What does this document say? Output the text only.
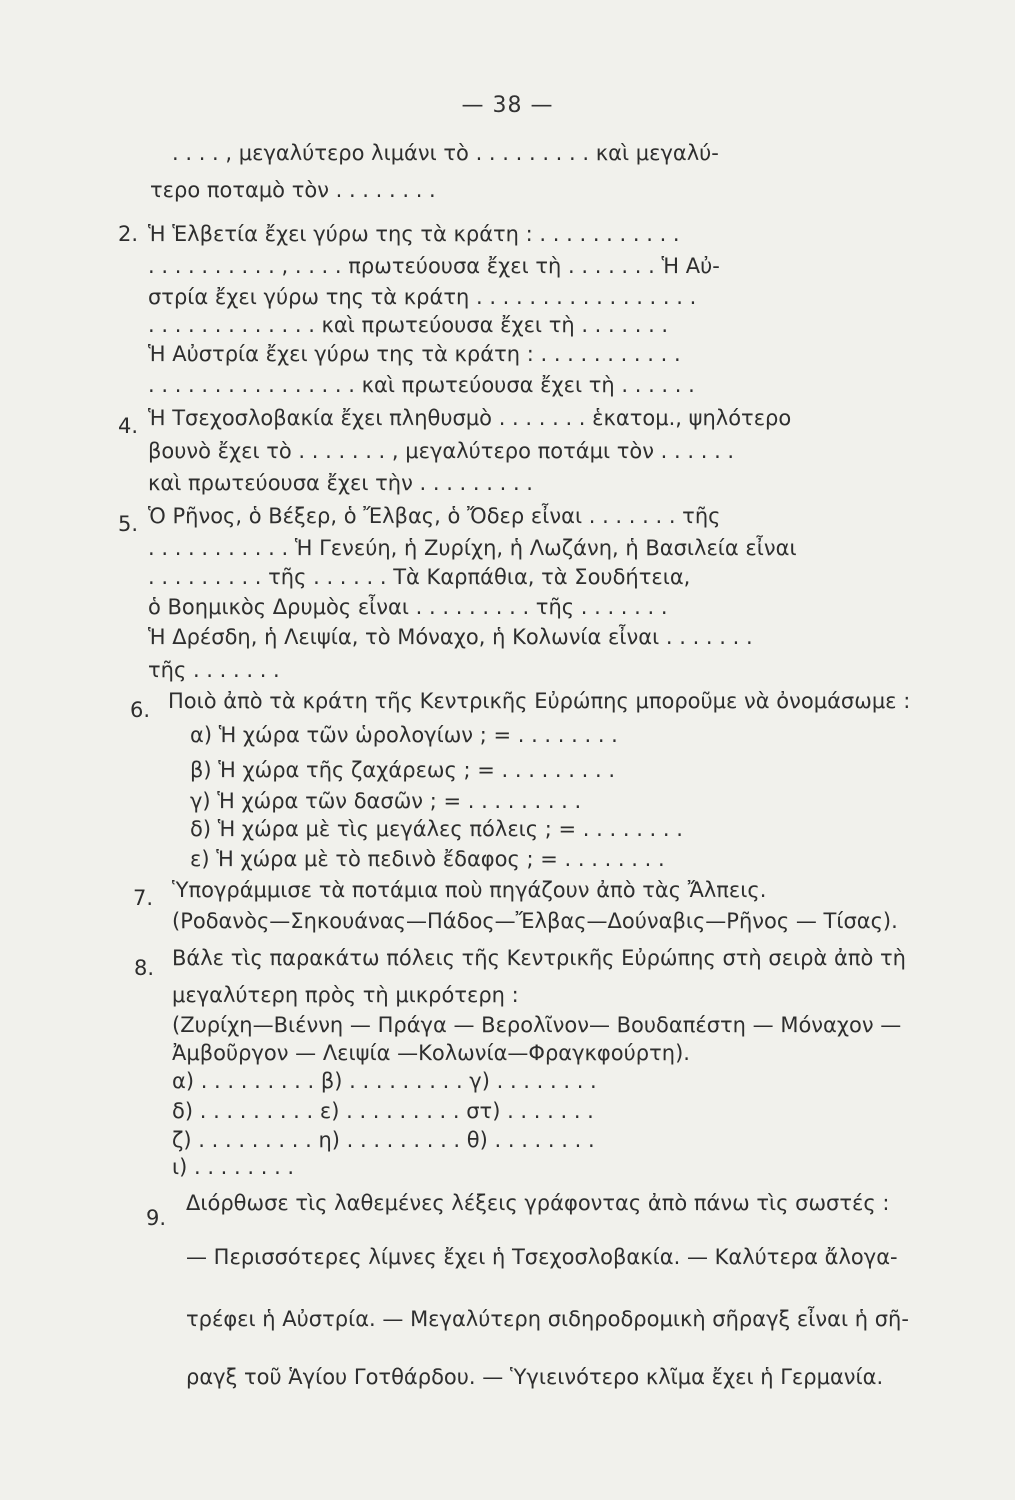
— 38 —
. . . . , μεγαλύτερο λιμάνι τὸ . . . . . . . . . καὶ μεγαλύ-
τερο ποταμὸ τὸν . . . . . . . .
2. Ἡ Ἑλβετία ἔχει γύρω της τὰ κράτη : . . . . . . . . . . .
. . . . . . . . . . , . . . . πρωτεύουσα ἔχει τὴ . . . . . . . Ἡ Αὐ-
στρία ἔχει γύρω της τὰ κράτη . . . . . . . . . . . . . . . . .
. . . . . . . . . . . . . καὶ πρωτεύουσα ἔχει τὴ . . . . . . .
Ἡ Αὐστρία ἔχει γύρω της τὰ κράτη : . . . . . . . . . . .
. . . . . . . . . . . . . . . . καὶ πρωτεύουσα ἔχει τὴ . . . . . .
4. Ἡ Τσεχοσλοβακία ἔχει πληθυσμὸ . . . . . . . ἑκατομ., ψηλότερο
βουνὸ ἔχει τὸ . . . . . . . , μεγαλύτερο ποτάμι τὸν . . . . . .
καὶ πρωτεύουσα ἔχει τὴν . . . . . . . . .
5. Ὁ Ρῆνος, ὁ Βέξερ, ὁ Ἔλβας, ὁ Ὄδερ εἶναι . . . . . . . τῆς
. . . . . . . . . . . Ἡ Γενεύη, ἡ Ζυρίχη, ἡ Λωζάνη, ἡ Βασιλεία εἶναι
. . . . . . . . . τῆς . . . . . . Τὰ Καρπάθια, τὰ Σουδήτεια,
ὁ Βοημικὸς Δρυμὸς εἶναι . . . . . . . . . τῆς . . . . . . .
Ἡ Δρέσδη, ἡ Λειψία, τὸ Μόναχο, ἡ Κολωνία εἶναι . . . . . . .
τῆς . . . . . . .
6. Ποιὸ ἀπὸ τὰ κράτη τῆς Κεντρικῆς Εὐρώπης μποροῦμε νὰ ὀνομάσωμε :
α) Ἡ χώρα τῶν ὡρολογίων ; = . . . . . . . .
β) Ἡ χώρα τῆς ζαχάρεως ; = . . . . . . . . .
γ) Ἡ χώρα τῶν δασῶν ; = . . . . . . . . .
δ) Ἡ χώρα μὲ τὶς μεγάλες πόλεις ; = . . . . . . . .
ε) Ἡ χώρα μὲ τὸ πεδινὸ ἔδαφος ; = . . . . . . . .
7. Ὑπογράμμισε τὰ ποτάμια ποὺ πηγάζουν ἀπὸ τὰς Ἄλπεις.
(Ροδανὸς—Σηκουάνας—Πάδος—Ἔλβας—Δούναβις—Ρῆνος — Τίσας).
8. Βάλε τὶς παρακάτω πόλεις τῆς Κεντρικῆς Εὐρώπης στὴ σειρὰ ἀπὸ τὴ
μεγαλύτερη πρὸς τὴ μικρότερη :
(Ζυρίχη—Βιέννη — Πράγα — Βερολῖνον— Βουδαπέστη — Μόναχον —
Ἀμβοῦργον — Λειψία —Κολωνία—Φραγκφούρτη).
α) . . . . . . . . . β) . . . . . . . . . γ) . . . . . . . .
δ) . . . . . . . . . ε) . . . . . . . . . στ) . . . . . . .
ζ) . . . . . . . . . η) . . . . . . . . . θ) . . . . . . . .
ι) . . . . . . . .
9.
Διόρθωσε τὶς λαθεμένες λέξεις γράφοντας ἀπὸ πάνω τὶς σωστές :
— Περισσότερες λίμνες ἔχει ἡ Τσεχοσλοβακία. — Καλύτερα ἄλογα-
τρέφει ἡ Αὐστρία. — Μεγαλύτερη σιδηροδρομικὴ σῆραγξ εἶναι ἡ σῆ-
ραγξ τοῦ Ἁγίου Γοτθάρδου. — Ὑγιεινότερο κλῖμα ἔχει ἡ Γερμανία.
